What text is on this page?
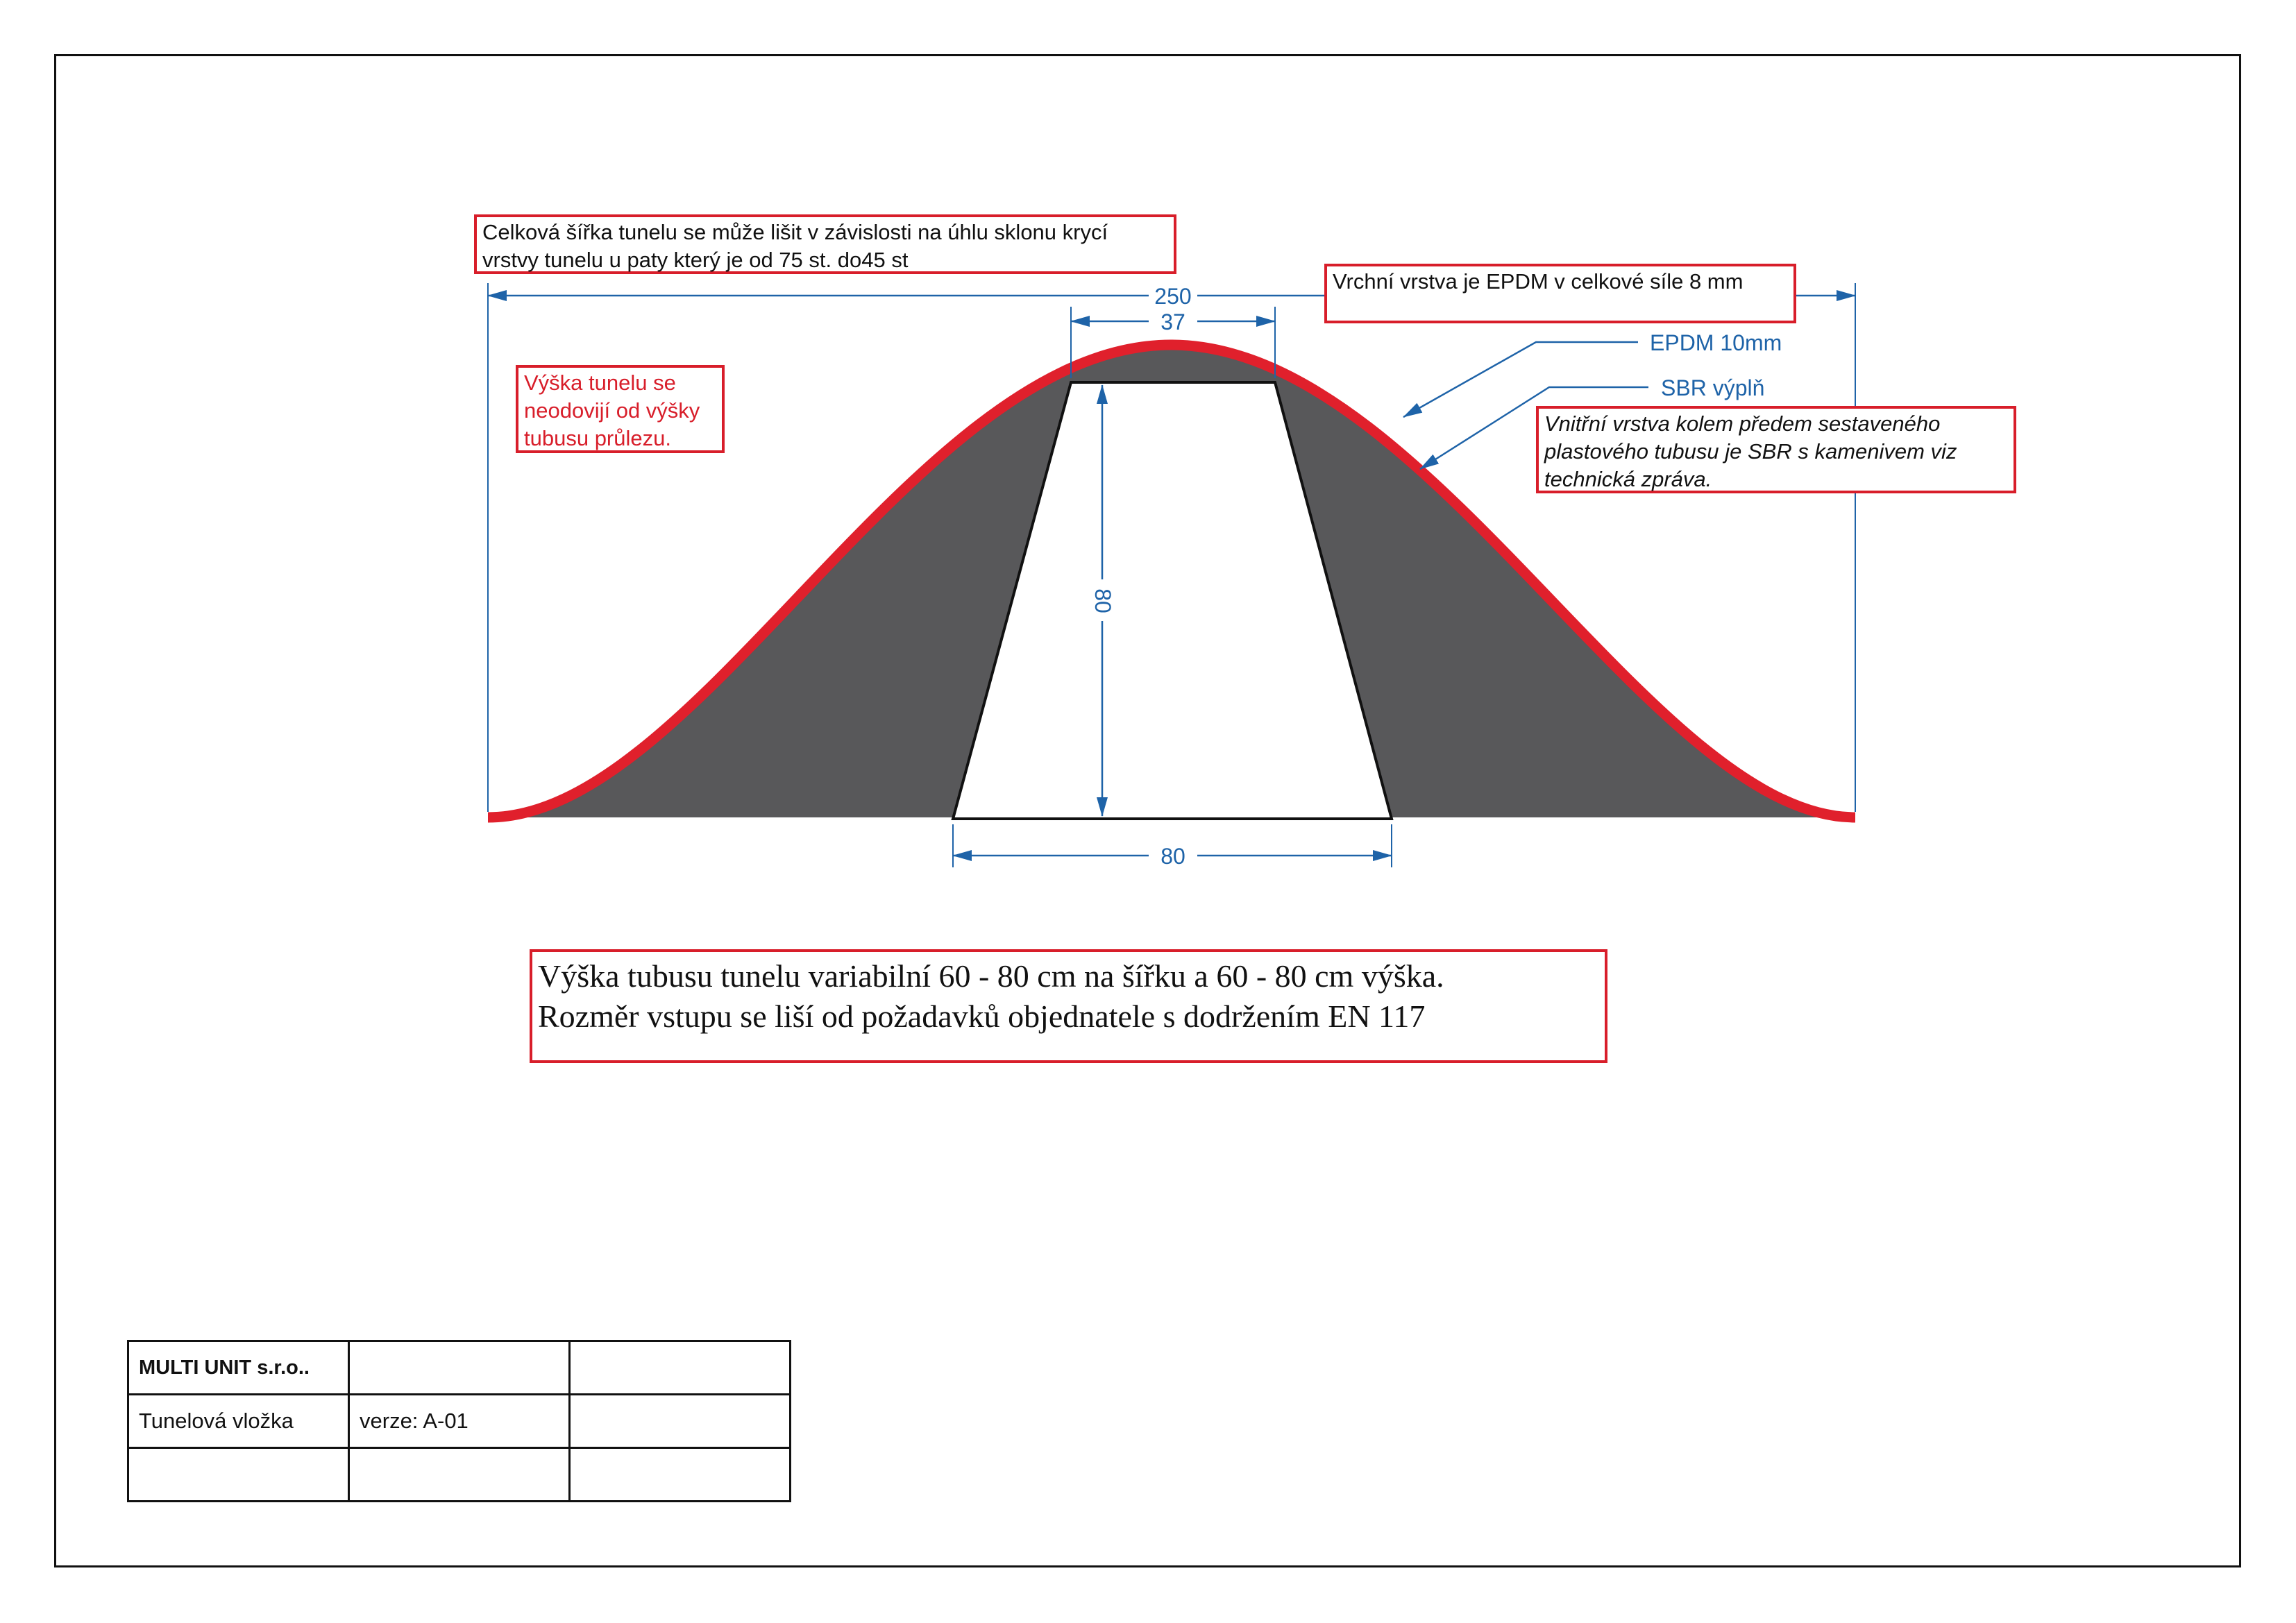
250
37
80
80
EPDM 10mm
SBR výplň
Celková šířka tunelu se může lišit v závislosti na úhlu sklonu krycí
vrstvy tunelu u paty který je od 75 st. do45 st
Vrchní vrstva je EPDM v celkové síle 8 mm
Výška tunelu se
neodovijí od výšky
tubusu průlezu.
Vnitřní vrstva kolem předem sestaveného
plastového tubusu je SBR s kamenivem viz
technická zpráva.
Výška tubusu tunelu variabilní 60 - 80 cm na šířku a 60 - 80 cm výška.
Rozměr vstupu se liší od požadavků objednatele s dodržením EN 117
MULTI UNIT s.r.o..		
Tunelová vložka	verze: A-01	
